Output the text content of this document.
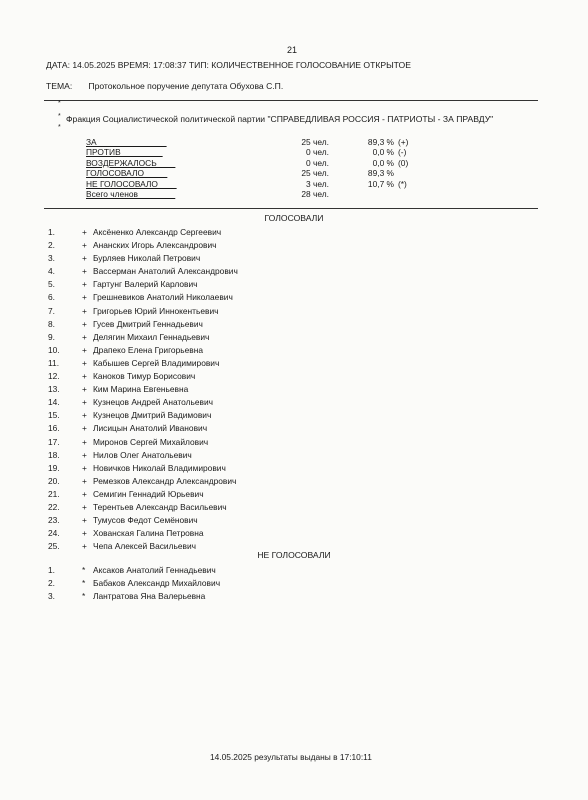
21
ДАТА: 14.05.2025 ВРЕМЯ: 17:08:37 ТИП: КОЛИЧЕСТВЕННОЕ ГОЛОСОВАНИЕ ОТКРЫТОЕ
ТЕМА: Протокольное поручение депутата Обухова С.П.
*
*
*
Фракция Социалистической политической партии "СПРАВЕДЛИВАЯ РОССИЯ - ПАТРИОТЫ - ЗА ПРАВДУ"
ЗА_______________	25 чел.	89,3 % (+)
ПРОТИВ_________	0 чел.	0,0 % (-)
ВОЗДЕРЖАЛОСЬ____	0 чел.	0,0 % (0)
ГОЛОСОВАЛО_____	25 чел.	89,3 %
НЕ ГОЛОСОВАЛО____	3 чел.	10,7 % (*)
Всего членов________	28 чел.
ГОЛОСОВАЛИ
1.	+ Аксёненко Александр Сергеевич
2.	+ Ананских Игорь Александрович
3.	+ Бурляев Николай Петрович
4.	+ Вассерман Анатолий Александрович
5.	+ Гартунг Валерий Карлович
6.	+ Грешневиков Анатолий Николаевич
7.	+ Григорьев Юрий Иннокентьевич
8.	+ Гусев Дмитрий Геннадьевич
9.	+ Делягин Михаил Геннадьевич
10.	+ Драпеко Елена Григорьевна
11.	+ Кабышев Сергей Владимирович
12.	+ Каноков Тимур Борисович
13.	+ Ким Марина Евгеньевна
14.	+ Кузнецов Андрей Анатольевич
15.	+ Кузнецов Дмитрий Вадимович
16.	+ Лисицын Анатолий Иванович
17.	+ Миронов Сергей Михайлович
18.	+ Нилов Олег Анатольевич
19.	+ Новичков Николай Владимирович
20.	+ Ремезков Александр Александрович
21.	+ Семигин Геннадий Юрьевич
22.	+ Терентьев Александр Васильевич
23.	+ Тумусов Федот Семёнович
24.	+ Хованская Галина Петровна
25.	+ Чепа Алексей Васильевич
НЕ ГОЛОСОВАЛИ
1.	* Аксаков Анатолий Геннадьевич
2.	* Бабаков Александр Михайлович
3.	* Лантратова Яна Валерьевна
14.05.2025 результаты выданы в 17:10:11
